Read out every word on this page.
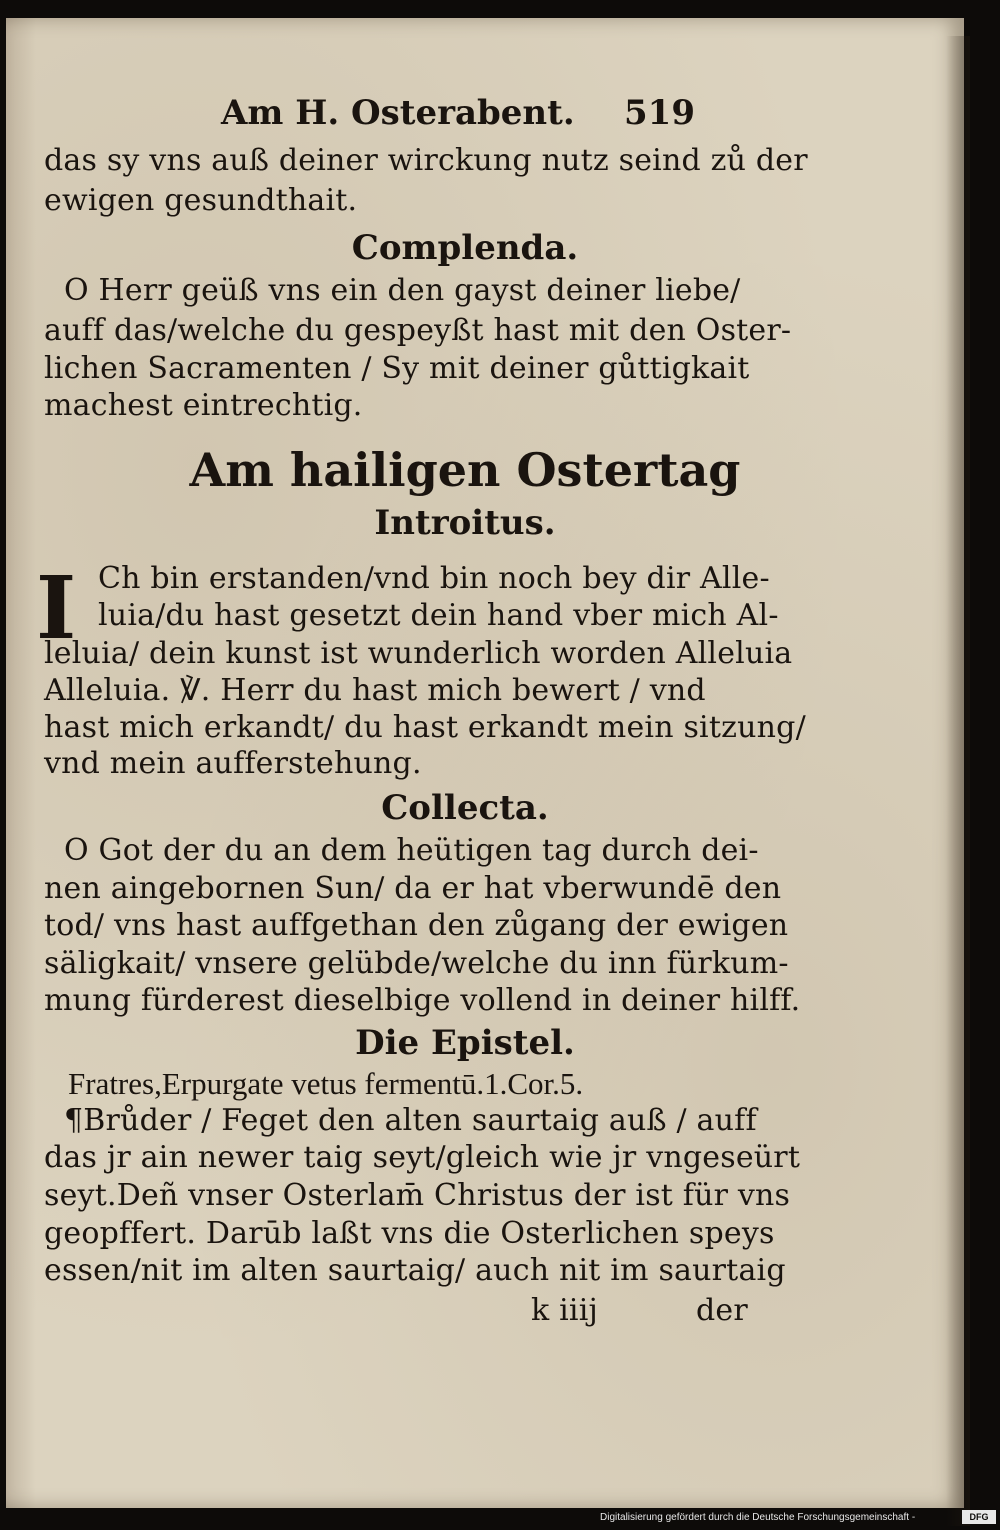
Am H. Osterabent. 519
das sy vns auß deiner wirckung nutz seind zů der
ewigen gesundthait.
Complenda.
O Herr geüß vns ein den gayst deiner liebe/
auff das/welche du gespeyßt hast mit den Oster-
lichen Sacramenten / Sy mit deiner gůttigkait
machest eintrechtig.
Am hailigen Ostertag
Introitus.
I Ch bin erstanden/vnd bin noch bey dir Alle-
luia/du hast gesetzt dein hand vber mich Al-
leluia/ dein kunst ist wunderlich worden Alleluia
Alleluia. ℣. Herr du hast mich bewert / vnd
hast mich erkandt/ du hast erkandt mein sitzung/
vnd mein aufferstehung.
Collecta.
O Got der du an dem heütigen tag durch dei-
nen aingebornen Sun/ da er hat vberwundē den
tod/ vns hast auffgethan den zůgang der ewigen
säligkait/ vnsere gelübde/welche du inn fürkum-
mung fürderest dieselbige vollend in deiner hilff.
Die Epistel.
Fratres,Erpurgate vetus fermentū.1.Cor.5.
¶Brůder / Feget den alten saurtaig auß / auff
das jr ain newer taig seyt/gleich wie jr vngeseürt
seyt.Deñ vnser Osterlam̄ Christus der ist für vns
geopffert. Darūb laßt vns die Osterlichen speys
essen/nit im alten saurtaig/ auch nit im saurtaig
k iiij	der
Digitalisierung gefördert durch die Deutsche Forschungsgemeinschaft -	DFG
